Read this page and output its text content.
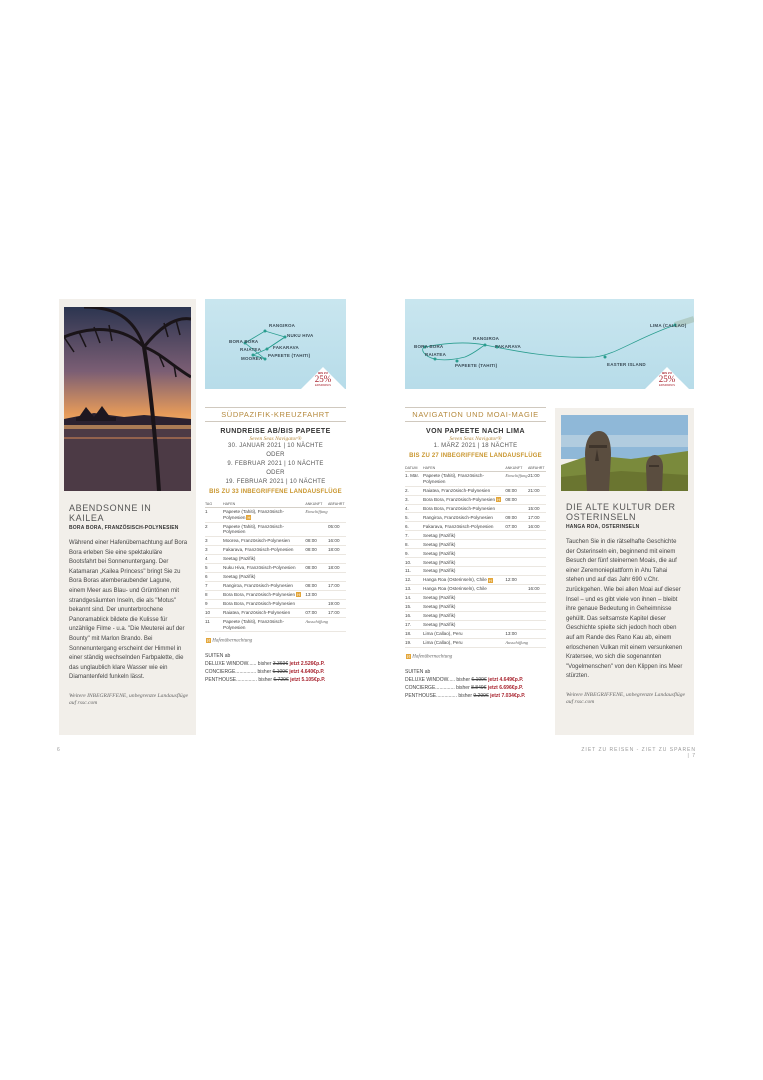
ABENDSONNE IN KAILEA
BORA BORA, FRANZÖSISCH-POLYNESIEN
Während einer Hafenübernachtung auf Bora Bora erleben Sie eine spektakuläre Bootsfahrt bei Sonnenuntergang. Der Katamaran „Kailea Princess" bringt Sie zu Bora Boras atemberaubender Lagune, einem Meer aus Blau- und Grüntönen mit strandgesäumten Inseln, die als "Motus" bekannt sind. Der ununterbrochene Panoramablick bildete die Kulisse für unzählige Filme - u.a. "Die Meuterei auf der Bounty" mit Marlon Brando. Bei Sonnenuntergang erscheint der Himmel in einer ständig wechselnden Farbpalette, die das unglaublich klare Wasser wie ein Diamantenfeld funkeln lässt.
Weitere INBEGRIFFENE, unbegrenzte Landausflüge auf rssc.com
RANGIROA
NUKU HIVA
BORA BORA
RAIATEA	FAKARAVA
MOOREA
PAPEETE (TAHITI)
BIS ZU
25%
ERSPARNIS
SÜDPAZIFIK-KREUZFAHRT
RUNDREISE AB/BIS PAPEETE
Seven Seas Navigator®
30. JANUAR 2021 | 10 NÄCHTE
ODER
9. FEBRUAR 2021 | 10 NÄCHTE
ODER
19. FEBRUAR 2021 | 10 NÄCHTE
BIS ZU 33 INBEGRIFFENE LANDAUSFLÜGE
TAG	HAFEN	ANKUNFT	ABFAHRT
1	Papeete (Tahiti), Französisch-Polynesien H	Einschiffung	
2	Papeete (Tahiti), Französisch-Polynesien		05:00
3	Moorea, Französisch-Polynesien	08:00	16:00
3	Fakarava, Französisch-Polynesien	08:00	18:00
4	Seetag (Pazifik)		
5	Nuku Hiva, Französisch-Polynesien	08:00	18:00
6	Seetag (Pazifik)		
7	Rangiroa, Französisch-Polynesien	08:00	17:00
8	Bora Bora, Französisch-Polynesien H	13:00	
9	Bora Bora, Französisch-Polynesien		19:00
10	Raiatea, Französisch-Polynesien	07:00	17:00
11	Papeete (Tahiti), Französisch-Polynesien	Ausschiffung	
H Hafenübernachtung
SUITEN ab
DELUXE WINDOW...... bisher 3.369€ jetzt 2.526€p.P.
CONCIERGE............... bisher 6.109€ jetzt 4.640€p.P.
PENTHOUSE............... bisher 6.729€ jetzt 5.105€p.P.
BORA BORA
RANGIROA
FAKARAVA
RAIATEA
PAPEETE (TAHITI)	EASTER ISLAND
LIMA (CALLAO)
BIS ZU
25%
ERSPARNIS
NAVIGATION UND MOAI-MAGIE
VON PAPEETE NACH LIMA
Seven Seas Navigator®
1. MÄRZ 2021 | 18 NÄCHTE
BIS ZU 27 INBEGRIFFENE LANDAUSFLÜGE
DATUM	HAFEN	ANKUNFT	ABFAHRT
1. Mär.	Papeete (Tahiti), Französisch-Polynesien	Einschiffung	21:00
2.	Raiatea, Französisch-Polynesien	08:00	21:00
3.	Bora Bora, Französisch-Polynesien H	08:00	
4.	Bora Bora, Französisch-Polynesien		15:00
5.	Rangiroa, Französisch-Polynesien	09:00	17:00
6.	Fakarava, Französisch-Polynesien	07:00	16:00
7.	Seetag (Pazifik)		
8.	Seetag (Pazifik)		
9.	Seetag (Pazifik)		
10.	Seetag (Pazifik)		
11.	Seetag (Pazifik)		
12.	Hanga Roa (Osterinseln), Chile H	12:00	
13.	Hanga Roa (Osterinseln), Chile		16:00
14.	Seetag (Pazifik)		
15.	Seetag (Pazifik)		
16.	Seetag (Pazifik)		
17.	Seetag (Pazifik)		
18.	Lima (Callao), Peru	13:00	
19.	Lima (Callao), Peru	Ausschiffung	
H Hafenübernachtung
SUITEN ab
DELUXE WINDOW..... bisher 6.199€ jetzt 4.649€p.P.
CONCIERGE.............. bisher 8.849€ jetzt 6.696€p.P.
PENTHOUSE............... bisher 9.299€ jetzt 7.034€p.P.
DIE ALTE KULTUR DER OSTERINSELN
HANGA ROA, OSTERINSELN
Tauchen Sie in die rätselhafte Geschichte der Osterinseln ein, beginnend mit einem Besuch der fünf steinernen Moais, die auf einer Zeremonieplattform in Ahu Tahai stehen und auf das Jahr 690 v.Chr. zurückgehen. Wie bei allen Moai auf dieser Insel – und es gibt viele von ihnen – bleibt ihre genaue Bedeutung in Geheimnisse gehüllt. Das seltsamste Kapitel dieser Geschichte spielte sich jedoch hoch oben auf am Rande des Rano Kau ab, einem erloschenen Vulkan mit einem versunkenen Kratersee, wo sich die sogenannten "Vogelmenschen" von den Klippen ins Meer stürzten.
Weitere INBEGRIFFENE, unbegrenzte Landausflüge auf rssc.com
6	ZIET ZU REISEN - ZIET ZU SPAREN | 7
